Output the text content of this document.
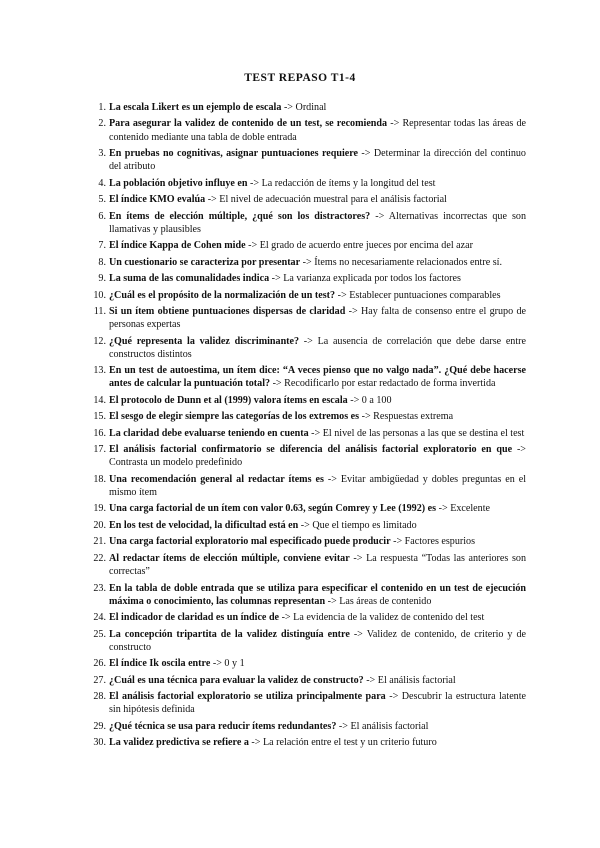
TEST REPASO T1-4
1. La escala Likert es un ejemplo de escala -> Ordinal
2. Para asegurar la validez de contenido de un test, se recomienda -> Representar todas las áreas de contenido mediante una tabla de doble entrada
3. En pruebas no cognitivas, asignar puntuaciones requiere -> Determinar la dirección del continuo del atributo
4. La población objetivo influye en -> La redacción de ítems y la longitud del test
5. El índice KMO evalúa -> El nivel de adecuación muestral para el análisis factorial
6. En ítems de elección múltiple, ¿qué son los distractores? -> Alternativas incorrectas que son llamativas y plausibles
7. El índice Kappa de Cohen mide -> El grado de acuerdo entre jueces por encima del azar
8. Un cuestionario se caracteriza por presentar -> Ítems no necesariamente relacionados entre sí.
9. La suma de las comunalidades indica -> La varianza explicada por todos los factores
10. ¿Cuál es el propósito de la normalización de un test? -> Establecer puntuaciones comparables
11. Si un ítem obtiene puntuaciones dispersas de claridad -> Hay falta de consenso entre el grupo de personas expertas
12. ¿Qué representa la validez discriminante? -> La ausencia de correlación que debe darse entre constructos distintos
13. En un test de autoestima, un ítem dice: “A veces pienso que no valgo nada”. ¿Qué debe hacerse antes de calcular la puntuación total? -> Recodificarlo por estar redactado de forma invertida
14. El protocolo de Dunn et al (1999) valora ítems en escala -> 0 a 100
15. El sesgo de elegir siempre las categorías de los extremos es -> Respuestas extrema
16. La claridad debe evaluarse teniendo en cuenta -> El nivel de las personas a las que se destina el test
17. El análisis factorial confirmatorio se diferencia del análisis factorial exploratorio en que -> Contrasta un modelo predefinido
18. Una recomendación general al redactar ítems es -> Evitar ambigüedad y dobles preguntas en el mismo ítem
19. Una carga factorial de un ítem con valor 0.63, según Comrey y Lee (1992) es -> Excelente
20. En los test de velocidad, la dificultad está en -> Que el tiempo es limitado
21. Una carga factorial exploratorio mal especificado puede producir -> Factores espurios
22. Al redactar ítems de elección múltiple, conviene evitar -> La respuesta “Todas las anteriores son correctas”
23. En la tabla de doble entrada que se utiliza para especificar el contenido en un test de ejecución máxima o conocimiento, las columnas representan -> Las áreas de contenido
24. El indicador de claridad es un índice de -> La evidencia de la validez de contenido del test
25. La concepción tripartita de la validez distinguía entre -> Validez de contenido, de criterio y de constructo
26. El índice Ik oscila entre -> 0 y 1
27. ¿Cuál es una técnica para evaluar la validez de constructo? -> El análisis factorial
28. El análisis factorial exploratorio se utiliza principalmente para -> Descubrir la estructura latente sin hipótesis definida
29. ¿Qué técnica se usa para reducir ítems redundantes? -> El análisis factorial
30. La validez predictiva se refiere a -> La relación entre el test y un criterio futuro
